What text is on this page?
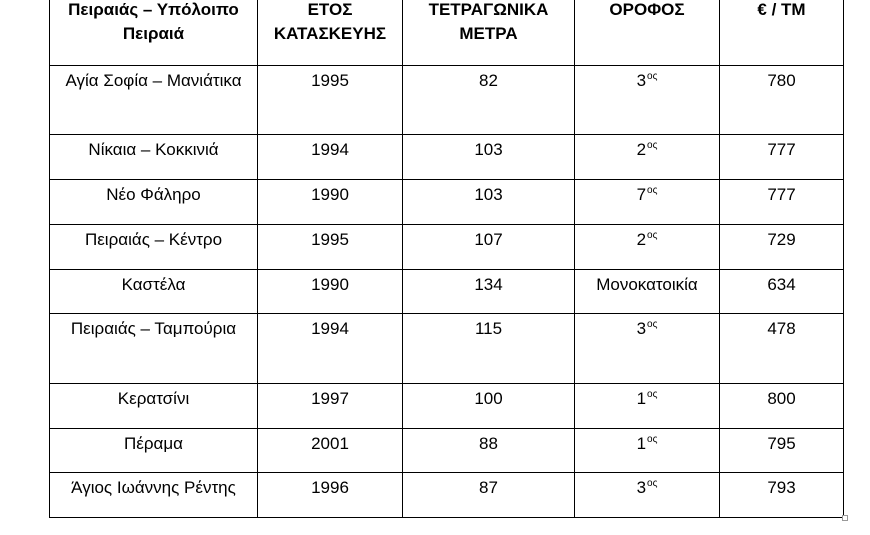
Πειραιάς – Υπόλοιπο Πειραιά	ΕΤΟΣ ΚΑΤΑΣΚΕΥΗΣ	ΤΕΤΡΑΓΩΝΙΚΑ ΜΕΤΡΑ	ΟΡΟΦΟΣ	€ / ΤΜ
Αγία Σοφία – Μανιάτικα	1995	82	$3^{o\varsigma}$	780
Νίκαια – Κοκκινιά	1994	103	$2^{o\varsigma}$	777
Νέο Φάληρο	1990	103	$7^{o\varsigma}$	777
Πειραιάς – Κέντρο	1995	107	$2^{o\varsigma}$	729
Καστέλα	1990	134	Μονοκατοικία	634
Πειραιάς – Ταμπούρια	1994	115	$3^{o\varsigma}$	478
Κερατσίνι	1997	100	$1^{o\varsigma}$	800
Πέραμα	2001	88	$1^{o\varsigma}$	795
Άγιος Ιωάννης Ρέντης	1996	87	$3^{o\varsigma}$	793
